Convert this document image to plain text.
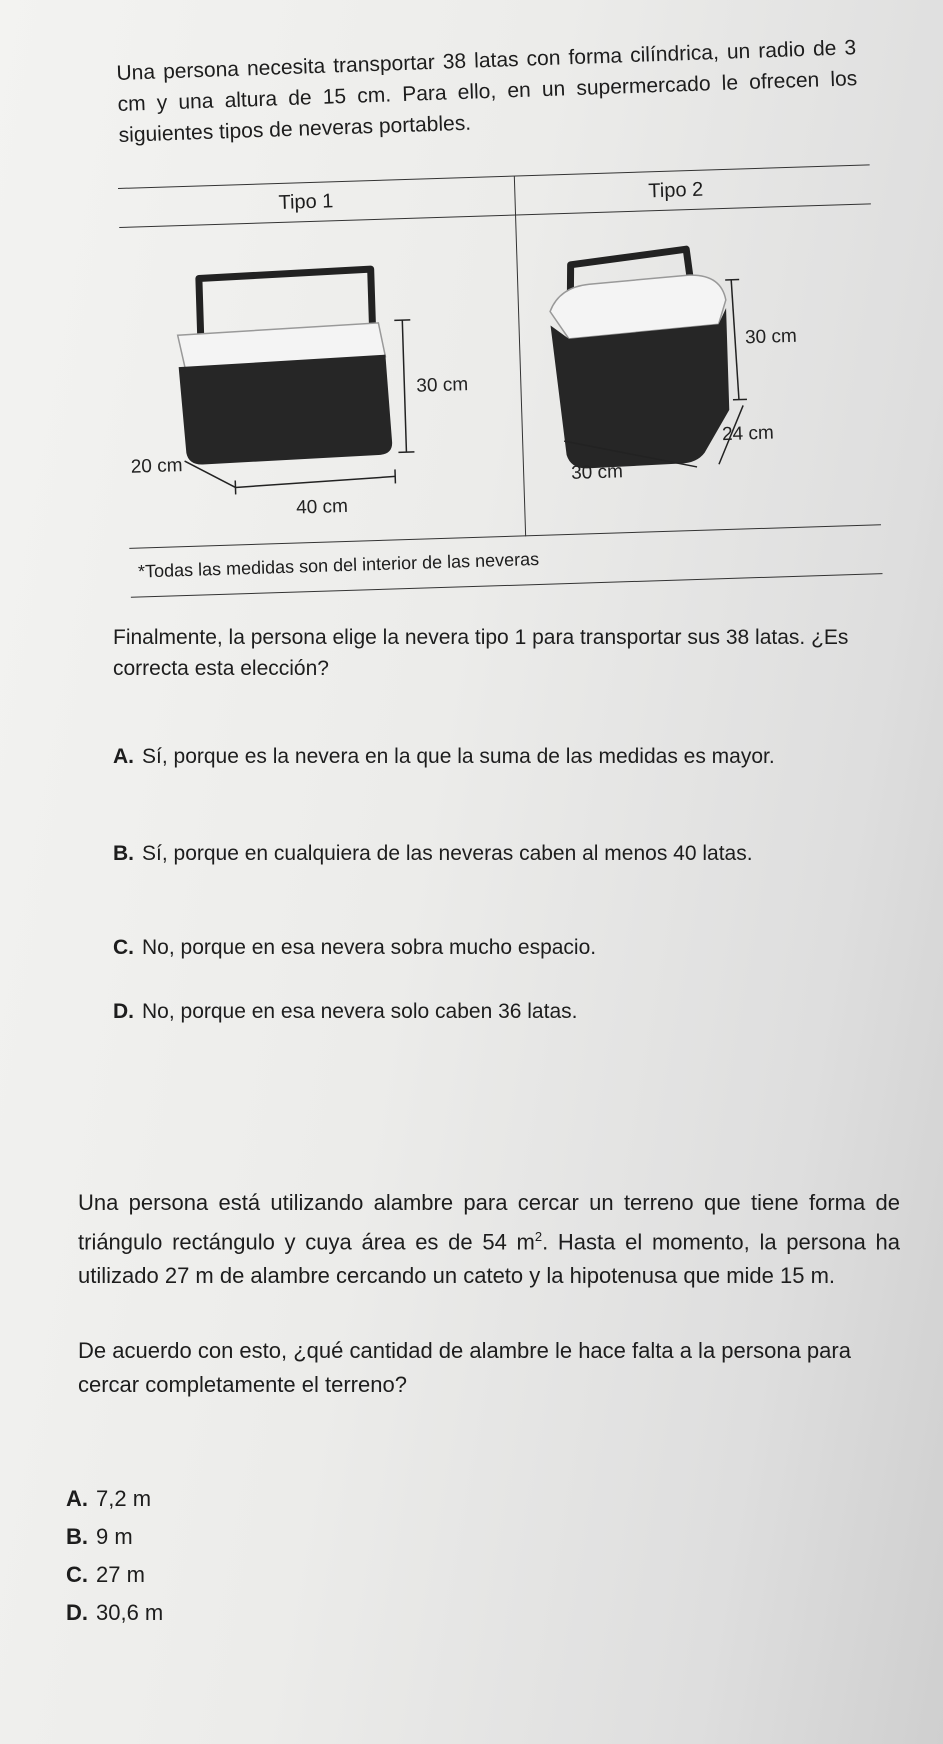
Una persona necesita transportar 38 latas con forma cilíndrica, un radio de 3 cm y una altura de 15 cm. Para ello, en un supermercado le ofrecen los siguientes tipos de neveras portables.
Tipo 1	Tipo 2
30 cm
20 cm
40 cm
30 cm
24 cm
30 cm
*Todas las medidas son del interior de las neveras
Finalmente, la persona elige la nevera tipo 1 para transportar sus 38 latas. ¿Es correcta esta elección?
A. Sí, porque es la nevera en la que la suma de las medidas es mayor.
B. Sí, porque en cualquiera de las neveras caben al menos 40 latas.
C. No, porque en esa nevera sobra mucho espacio.
D. No, porque en esa nevera solo caben 36 latas.
Una persona está utilizando alambre para cercar un terreno que tiene forma de triángulo rectángulo y cuya área es de 54 $m^2$. Hasta el momento, la persona ha utilizado 27 m de alambre cercando un cateto y la hipotenusa que mide 15 m.
De acuerdo con esto, ¿qué cantidad de alambre le hace falta a la persona para cercar completamente el terreno?
A. 7,2 m
B. 9 m
C. 27 m
D. 30,6 m
